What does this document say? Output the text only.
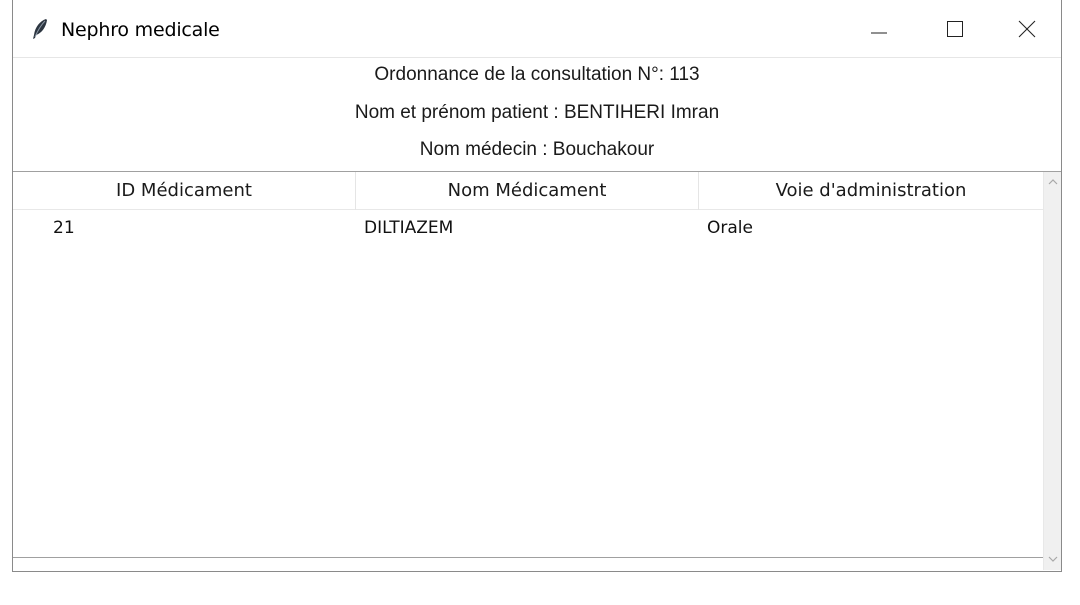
Nephro medicale
Ordonnance de la consultation N°: 113
Nom et prénom patient : BENTIHERI Imran
Nom médecin : Bouchakour
ID Médicament	Nom Médicament	Voie d'administration
21	DILTIAZEM	Orale
